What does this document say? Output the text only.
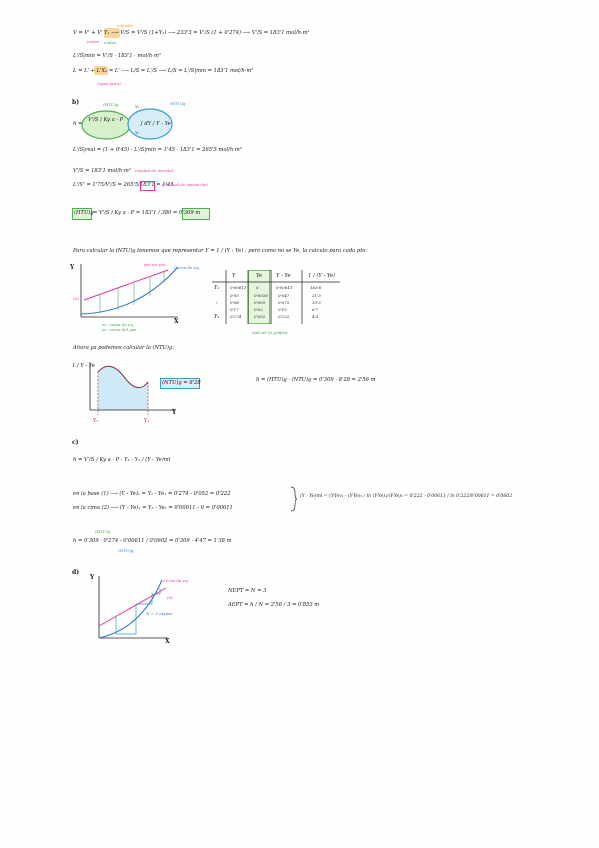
V = V' + V' Y₁ ⟶ V/S = V'/S (1+Y₁) ⟶ 233'3 = V'/S (1 + 0'274) ⟶ V'/S = 183'1 mol/h·m²
moles
entrada
moles
L'/S|min = V'/S · 183'1 · mol/h·m²
L = L' + L'X₂ = L' ⟶ L/S = L'/S ⟶ L/S = L'/S|min = 183'1 mol/h·m²
(agua pura)
b)
h =
V'/S / Ky a · P
∫ dY / Y - Ye
Y₁
Y₂
(HTU)g	(NTU)g
L'/S|real = (1 + 0'45) · L'/S|min = 1'45 · 183'1 = 265'5 mol/h·m²
V'/S = 183'1 mol/h·m² (caudal de mezcla)
L'/V' = 1'75/V'/S = 265'5/183'1 = 1'45
(cte real de operación)
(HTU)g = V'/S / Ky a · P = 183'1 / 380 = 0'309 m
Para calcular la (NTU)g tenemos que representar Y = 1 / (Y - Ye) ; pero como no se Ye, la calculo para cada pto:
Y
X
Curva de eq.
pto s/a pto
(n)
ec. curva de eq.
ec. curva del gas
Y	Ye	Y - Ye	1 / (Y - Ye)
Y₂	0'00611 0	0'00611	163'6
0'05	0'0026	0'047	21'3
:	0'08	0'005	0'075	13'3
0'17	0'02	0'15	6'7
Y₁	0'274	0'052	0'222	4'5
Sale de la gráfica
Ahora ya podemos calcular la (NTU)g:
1 / Y - Ye
Y
Y₂	Y₁
(NTU)g = 8'28	h = (HTU)g · (NTU)g = 0'309 · 8'28 = 2'56 m
c)
h = V'/S / Ky a · P · Y₁ - Y₂ / (Y - Ye)ml
en la base (1) ⟶ (Y - Ye)₁ = Y₁ - Ye₁ = 0'274 - 0'052 = 0'222
en la cima (2) ⟶ (Y - Ye)₂ = Y₂ - Ye₂ = 0'00611 - 0 = 0'00611
(Y - Ye)ml = (Y-Ye)₁ - (Y-Ye)₂ / ln (Y-Ye)₁/(Y-Ye)₂ = 0'222 - 0'00611 / ln 0'222/0'00611 = 0'0602
h = 0'309 · 0'274 - 0'00611 / 0'0602 = 0'309 · 4'47 = 1'38 m
(HTU)g
(NTU)g
d)
Y
X
Curva de eq.
(n)
N = 3 etapas
NEPT = N = 3
AEPT = h / N = 2'56 / 3 = 0'853 m
